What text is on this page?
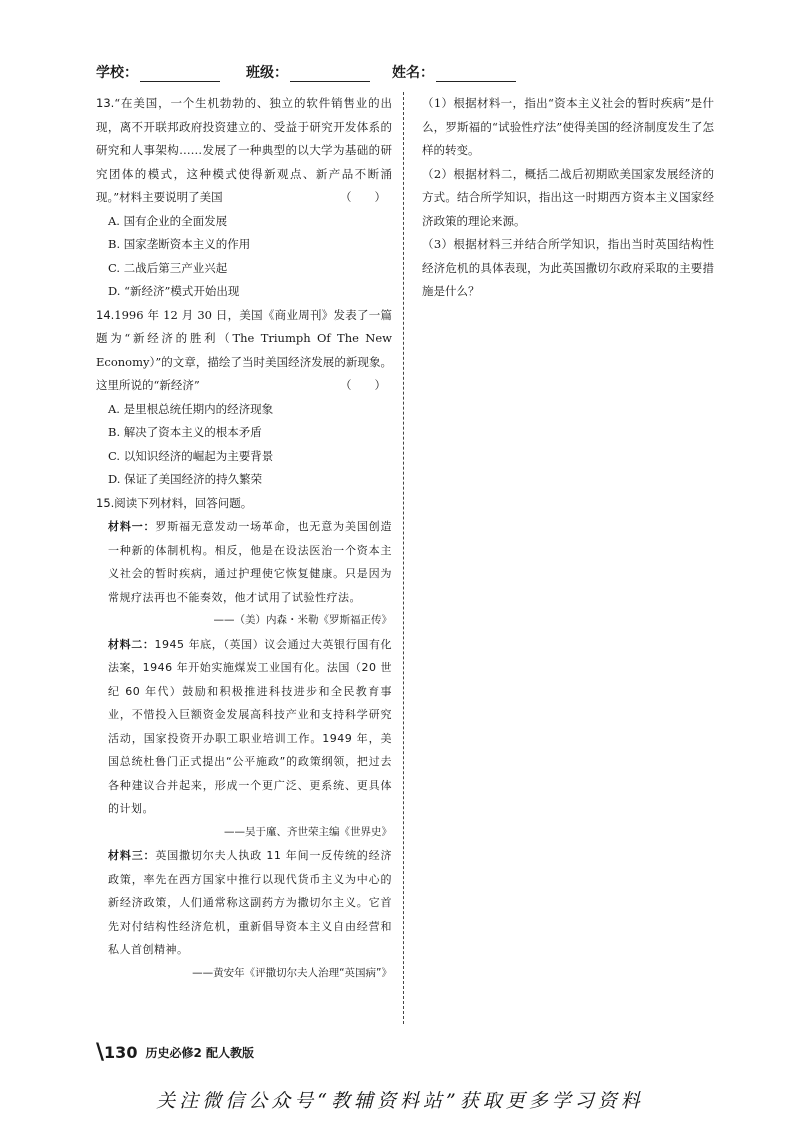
学校：	班级：	姓名：

13.“在美国，一个生机勃勃的、独立的软件销售业的出现，离不开联邦政府投资建立的、受益于研究开发体系的研究和人事架构……发展了一种典型的以大学为基础的研究团体的模式，这种模式使得新观点、新产品不断涌现。”材料主要说明了美国	（　　）

A. 国有企业的全面发展

B. 国家垄断资本主义的作用

C. 二战后第三产业兴起

D. “新经济”模式开始出现

14.1996 年 12 月 30 日，美国《商业周刊》发表了一篇题为“新经济的胜利（The Triumph Of The New Economy）”的文章，描绘了当时美国经济发展的新现象。这里所说的“新经济”	（　　）

A. 是里根总统任期内的经济现象

B. 解决了资本主义的根本矛盾

C. 以知识经济的崛起为主要背景

D. 保证了美国经济的持久繁荣

15.阅读下列材料，回答问题。

材料一：罗斯福无意发动一场革命，也无意为美国创造一种新的体制机构。相反，他是在设法医治一个资本主义社会的暂时疾病，通过护理使它恢复健康。只是因为常规疗法再也不能奏效，他才试用了试验性疗法。

——（美）内森・米勒《罗斯福正传》

材料二：1945 年底，（英国）议会通过大英银行国有化法案，1946 年开始实施煤炭工业国有化。法国（20 世纪 60 年代）鼓励和积极推进科技进步和全民教育事业，不惜投入巨额资金发展高科技产业和支持科学研究活动，国家投资开办职工职业培训工作。1949 年，美国总统杜鲁门正式提出“公平施政”的政策纲领，把过去各种建议合并起来，形成一个更广泛、更系统、更具体的计划。

——吴于廑、齐世荣主编《世界史》

材料三：英国撒切尔夫人执政 11 年间一反传统的经济政策，率先在西方国家中推行以现代货币主义为中心的新经济政策，人们通常称这副药方为撒切尔主义。它首先对付结构性经济危机，重新倡导资本主义自由经营和私人首创精神。

——黄安年《评撒切尔夫人治理“英国病”》

（1）根据材料一，指出“资本主义社会的暂时疾病”是什么，罗斯福的“试验性疗法”使得美国的经济制度发生了怎样的转变。

（2）根据材料二，概括二战后初期欧美国家发展经济的方式。结合所学知识，指出这一时期西方资本主义国家经济政策的理论来源。

（3）根据材料三并结合所学知识，指出当时英国结构性经济危机的具体表现，为此英国撒切尔政府采取的主要措施是什么？

\130 历史必修2 配人教版
关注微信公众号“教辅资料站”获取更多学习资料
